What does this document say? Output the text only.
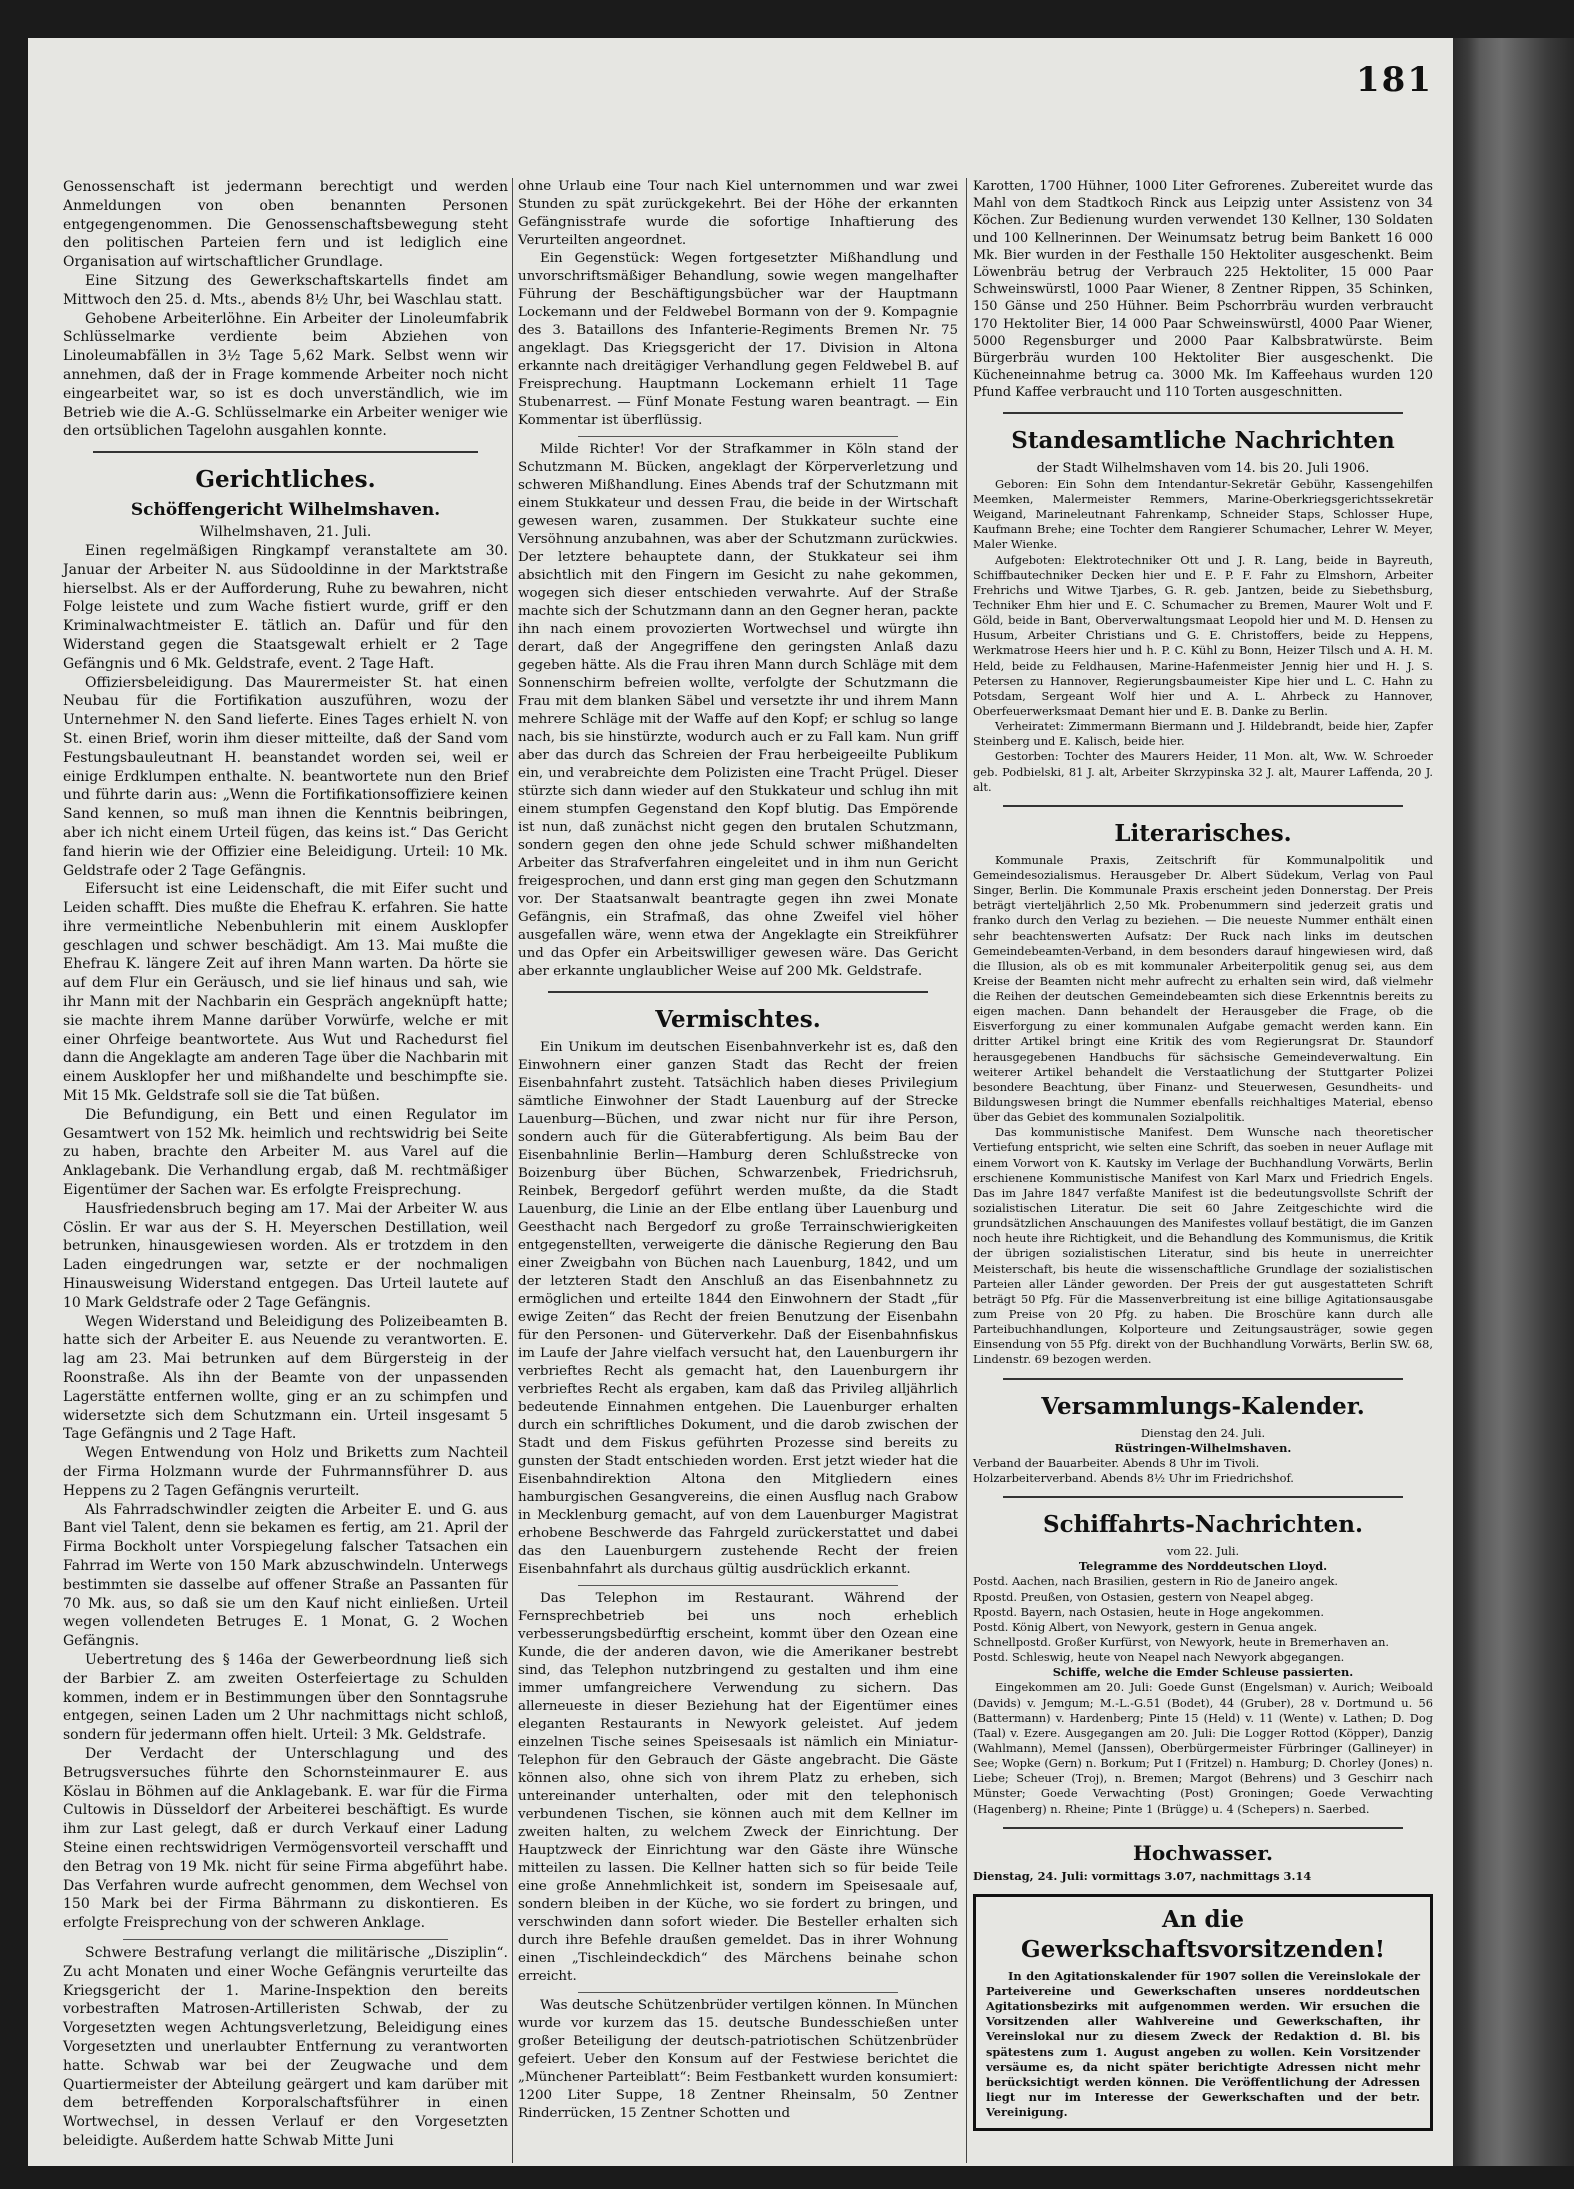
181

Genossenschaft ist jedermann berechtigt und werden Anmeldungen von oben benannten Personen entgegengenommen. Die Genossenschaftsbewegung steht den politischen Parteien fern und ist lediglich eine Organisation auf wirtschaftlicher Grundlage.

Eine Sitzung des Gewerkschaftskartells findet am Mittwoch den 25. d. Mts., abends 8½ Uhr, bei Waschlau statt.

Gehobene Arbeiterlöhne. Ein Arbeiter der Linoleumfabrik Schlüsselmarke verdiente beim Abziehen von Linoleumabfällen in 3½ Tage 5,62 Mark. Selbst wenn wir annehmen, daß der in Frage kommende Arbeiter noch nicht eingearbeitet war, so ist es doch unverständlich, wie im Betrieb wie die A.-G. Schlüsselmarke ein Arbeiter weniger wie den ortsüblichen Tagelohn ausgahlen konnte.

Gerichtliches.
Schöffengericht Wilhelmshaven.
Wilhelmshaven, 21. Juli.

Einen regelmäßigen Ringkampf veranstaltete am 30. Januar der Arbeiter N. aus Südooldinne in der Marktstraße hierselbst. Als er der Aufforderung, Ruhe zu bewahren, nicht Folge leistete und zum Wache fistiert wurde, griff er den Kriminalwachtmeister E. tätlich an. Dafür und für den Widerstand gegen die Staatsgewalt erhielt er 2 Tage Gefängnis und 6 Mk. Geldstrafe, event. 2 Tage Haft.

Offiziersbeleidigung. Das Maurermeister St. hat einen Neubau für die Fortifikation auszuführen, wozu der Unternehmer N. den Sand lieferte. Eines Tages erhielt N. von St. einen Brief, worin ihm dieser mitteilte, daß der Sand vom Festungsbauleutnant H. beanstandet worden sei, weil er einige Erdklumpen enthalte. N. beantwortete nun den Brief und führte darin aus: „Wenn die Fortifikationsoffiziere keinen Sand kennen, so muß man ihnen die Kenntnis beibringen, aber ich nicht einem Urteil fügen, das keins ist.“ Das Gericht fand hierin wie der Offizier eine Beleidigung. Urteil: 10 Mk. Geldstrafe oder 2 Tage Gefängnis.

Eifersucht ist eine Leidenschaft, die mit Eifer sucht und Leiden schafft. Dies mußte die Ehefrau K. erfahren. Sie hatte ihre vermeintliche Nebenbuhlerin mit einem Ausklopfer geschlagen und schwer beschädigt. Am 13. Mai mußte die Ehefrau K. längere Zeit auf ihren Mann warten. Da hörte sie auf dem Flur ein Geräusch, und sie lief hinaus und sah, wie ihr Mann mit der Nachbarin ein Gespräch angeknüpft hatte; sie machte ihrem Manne darüber Vorwürfe, welche er mit einer Ohrfeige beantwortete. Aus Wut und Rachedurst fiel dann die Angeklagte am anderen Tage über die Nachbarin mit einem Ausklopfer her und mißhandelte und beschimpfte sie. Mit 15 Mk. Geldstrafe soll sie die Tat büßen.

Die Befundigung, ein Bett und einen Regulator im Gesamtwert von 152 Mk. heimlich und rechtswidrig bei Seite zu haben, brachte den Arbeiter M. aus Varel auf die Anklagebank. Die Verhandlung ergab, daß M. rechtmäßiger Eigentümer der Sachen war. Es erfolgte Freisprechung.

Hausfriedensbruch beging am 17. Mai der Arbeiter W. aus Cöslin. Er war aus der S. H. Meyerschen Destillation, weil betrunken, hinausgewiesen worden. Als er trotzdem in den Laden eingedrungen war, setzte er der nochmaligen Hinausweisung Widerstand entgegen. Das Urteil lautete auf 10 Mark Geldstrafe oder 2 Tage Gefängnis.

Wegen Widerstand und Beleidigung des Polizeibeamten B. hatte sich der Arbeiter E. aus Neuende zu verantworten. E. lag am 23. Mai betrunken auf dem Bürgersteig in der Roonstraße. Als ihn der Beamte von der unpassenden Lagerstätte entfernen wollte, ging er an zu schimpfen und widersetzte sich dem Schutzmann ein. Urteil insgesamt 5 Tage Gefängnis und 2 Tage Haft.

Wegen Entwendung von Holz und Briketts zum Nachteil der Firma Holzmann wurde der Fuhrmannsführer D. aus Heppens zu 2 Tagen Gefängnis verurteilt.

Als Fahrradschwindler zeigten die Arbeiter E. und G. aus Bant viel Talent, denn sie bekamen es fertig, am 21. April der Firma Bockholt unter Vorspiegelung falscher Tatsachen ein Fahrrad im Werte von 150 Mark abzuschwindeln. Unterwegs bestimmten sie dasselbe auf offener Straße an Passanten für 70 Mk. aus, so daß sie um den Kauf nicht einließen. Urteil wegen vollendeten Betruges E. 1 Monat, G. 2 Wochen Gefängnis.

Uebertretung des § 146a der Gewerbeordnung ließ sich der Barbier Z. am zweiten Osterfeiertage zu Schulden kommen, indem er in Bestimmungen über den Sonntagsruhe entgegen, seinen Laden um 2 Uhr nachmittags nicht schloß, sondern für jedermann offen hielt. Urteil: 3 Mk. Geldstrafe.

Der Verdacht der Unterschlagung und des Betrugsversuches führte den Schornsteinmaurer E. aus Köslau in Böhmen auf die Anklagebank. E. war für die Firma Cultowis in Düsseldorf der Arbeiterei beschäftigt. Es wurde ihm zur Last gelegt, daß er durch Verkauf einer Ladung Steine einen rechtswidrigen Vermögensvorteil verschafft und den Betrag von 19 Mk. nicht für seine Firma abgeführt habe. Das Verfahren wurde aufrecht genommen, dem Wechsel von 150 Mark bei der Firma Bährmann zu diskontieren. Es erfolgte Freisprechung von der schweren Anklage.

Schwere Bestrafung verlangt die militärische „Disziplin“. Zu acht Monaten und einer Woche Gefängnis verurteilte das Kriegsgericht der 1. Marine-Inspektion den bereits vorbestraften Matrosen-Artilleristen Schwab, der zu Vorgesetzten wegen Achtungsverletzung, Beleidigung eines Vorgesetzten und unerlaubter Entfernung zu verantworten hatte. Schwab war bei der Zeugwache und dem Quartiermeister der Abteilung geärgert und kam darüber mit dem betreffenden Korporalschaftsführer in einen Wortwechsel, in dessen Verlauf er den Vorgesetzten beleidigte. Außerdem hatte Schwab Mitte Juni

ohne Urlaub eine Tour nach Kiel unternommen und war zwei Stunden zu spät zurückgekehrt. Bei der Höhe der erkannten Gefängnisstrafe wurde die sofortige Inhaftierung des Verurteilten angeordnet.

Ein Gegenstück: Wegen fortgesetzter Mißhandlung und unvorschriftsmäßiger Behandlung, sowie wegen mangelhafter Führung der Beschäftigungsbücher war der Hauptmann Lockemann und der Feldwebel Bormann von der 9. Kompagnie des 3. Bataillons des Infanterie-Regiments Bremen Nr. 75 angeklagt. Das Kriegsgericht der 17. Division in Altona erkannte nach dreitägiger Verhandlung gegen Feldwebel B. auf Freisprechung. Hauptmann Lockemann erhielt 11 Tage Stubenarrest. — Fünf Monate Festung waren beantragt. — Ein Kommentar ist überflüssig.

Milde Richter! Vor der Strafkammer in Köln stand der Schutzmann M. Bücken, angeklagt der Körperverletzung und schweren Mißhandlung. Eines Abends traf der Schutzmann mit einem Stukkateur und dessen Frau, die beide in der Wirtschaft gewesen waren, zusammen. Der Stukkateur suchte eine Versöhnung anzubahnen, was aber der Schutzmann zurückwies. Der letztere behauptete dann, der Stukkateur sei ihm absichtlich mit den Fingern im Gesicht zu nahe gekommen, wogegen sich dieser entschieden verwahrte. Auf der Straße machte sich der Schutzmann dann an den Gegner heran, packte ihn nach einem provozierten Wortwechsel und würgte ihn derart, daß der Angegriffene den geringsten Anlaß dazu gegeben hätte. Als die Frau ihren Mann durch Schläge mit dem Sonnenschirm befreien wollte, verfolgte der Schutzmann die Frau mit dem blanken Säbel und versetzte ihr und ihrem Mann mehrere Schläge mit der Waffe auf den Kopf; er schlug so lange nach, bis sie hinstürzte, wodurch auch er zu Fall kam. Nun griff aber das durch das Schreien der Frau herbeigeeilte Publikum ein, und verabreichte dem Polizisten eine Tracht Prügel. Dieser stürzte sich dann wieder auf den Stukkateur und schlug ihn mit einem stumpfen Gegenstand den Kopf blutig. Das Empörende ist nun, daß zunächst nicht gegen den brutalen Schutzmann, sondern gegen den ohne jede Schuld schwer mißhandelten Arbeiter das Strafverfahren eingeleitet und in ihm nun Gericht freigesprochen, und dann erst ging man gegen den Schutzmann vor. Der Staatsanwalt beantragte gegen ihn zwei Monate Gefängnis, ein Strafmaß, das ohne Zweifel viel höher ausgefallen wäre, wenn etwa der Angeklagte ein Streikführer und das Opfer ein Arbeitswilliger gewesen wäre. Das Gericht aber erkannte unglaublicher Weise auf 200 Mk. Geldstrafe.

Vermischtes.

Ein Unikum im deutschen Eisenbahnverkehr ist es, daß den Einwohnern einer ganzen Stadt das Recht der freien Eisenbahnfahrt zusteht. Tatsächlich haben dieses Privilegium sämtliche Einwohner der Stadt Lauenburg auf der Strecke Lauenburg—Büchen, und zwar nicht nur für ihre Person, sondern auch für die Güterabfertigung. Als beim Bau der Eisenbahnlinie Berlin—Hamburg deren Schlußstrecke von Boizenburg über Büchen, Schwarzenbek, Friedrichsruh, Reinbek, Bergedorf geführt werden mußte, da die Stadt Lauenburg, die Linie an der Elbe entlang über Lauenburg und Geesthacht nach Bergedorf zu große Terrainschwierigkeiten entgegenstellten, verweigerte die dänische Regierung den Bau einer Zweigbahn von Büchen nach Lauenburg, 1842, und um der letzteren Stadt den Anschluß an das Eisenbahnnetz zu ermöglichen und erteilte 1844 den Einwohnern der Stadt „für ewige Zeiten“ das Recht der freien Benutzung der Eisenbahn für den Personen- und Güterverkehr. Daß der Eisenbahnfiskus im Laufe der Jahre vielfach versucht hat, den Lauenburgern ihr verbrieftes Recht als gemacht hat, den Lauenburgern ihr verbrieftes Recht als ergaben, kam daß das Privileg alljährlich bedeutende Einnahmen entgehen. Die Lauenburger erhalten durch ein schriftliches Dokument, und die darob zwischen der Stadt und dem Fiskus geführten Prozesse sind bereits zu gunsten der Stadt entschieden worden. Erst jetzt wieder hat die Eisenbahndirektion Altona den Mitgliedern eines hamburgischen Gesangvereins, die einen Ausflug nach Grabow in Mecklenburg gemacht, auf von dem Lauenburger Magistrat erhobene Beschwerde das Fahrgeld zurückerstattet und dabei das den Lauenburgern zustehende Recht der freien Eisenbahnfahrt als durchaus gültig ausdrücklich erkannt.

Das Telephon im Restaurant. Während der Fernsprechbetrieb bei uns noch erheblich verbesserungsbedürftig erscheint, kommt über den Ozean eine Kunde, die der anderen davon, wie die Amerikaner bestrebt sind, das Telephon nutzbringend zu gestalten und ihm eine immer umfangreichere Verwendung zu sichern. Das allerneueste in dieser Beziehung hat der Eigentümer eines eleganten Restaurants in Newyork geleistet. Auf jedem einzelnen Tische seines Speisesaals ist nämlich ein Miniatur-Telephon für den Gebrauch der Gäste angebracht. Die Gäste können also, ohne sich von ihrem Platz zu erheben, sich untereinander unterhalten, oder mit den telephonisch verbundenen Tischen, sie können auch mit dem Kellner im zweiten halten, zu welchem Zweck der Einrichtung. Der Hauptzweck der Einrichtung war den Gäste ihre Wünsche mitteilen zu lassen. Die Kellner hatten sich so für beide Teile eine große Annehmlichkeit ist, sondern im Speisesaale auf, sondern bleiben in der Küche, wo sie fordert zu bringen, und verschwinden dann sofort wieder. Die Besteller erhalten sich durch ihre Befehle draußen gemeldet. Das in ihrer Wohnung einen „Tischleindeckdich“ des Märchens beinahe schon erreicht.

Was deutsche Schützenbrüder vertilgen können. In München wurde vor kurzem das 15. deutsche Bundesschießen unter großer Beteiligung der deutsch-patriotischen Schützenbrüder gefeiert. Ueber den Konsum auf der Festwiese berichtet die „Münchener Parteiblatt“: Beim Festbankett wurden konsumiert: 1200 Liter Suppe, 18 Zentner Rheinsalm, 50 Zentner Rinderrücken, 15 Zentner Schotten und

Karotten, 1700 Hühner, 1000 Liter Gefrorenes. Zubereitet wurde das Mahl von dem Stadtkoch Rinck aus Leipzig unter Assistenz von 34 Köchen. Zur Bedienung wurden verwendet 130 Kellner, 130 Soldaten und 100 Kellnerinnen. Der Weinumsatz betrug beim Bankett 16 000 Mk. Bier wurden in der Festhalle 150 Hektoliter ausgeschenkt. Beim Löwenbräu betrug der Verbrauch 225 Hektoliter, 15 000 Paar Schweinswürstl, 1000 Paar Wiener, 8 Zentner Rippen, 35 Schinken, 150 Gänse und 250 Hühner. Beim Pschorrbräu wurden verbraucht 170 Hektoliter Bier, 14 000 Paar Schweinswürstl, 4000 Paar Wiener, 5000 Regensburger und 2000 Paar Kalbsbratwürste. Beim Bürgerbräu wurden 100 Hektoliter Bier ausgeschenkt. Die Kücheneinnahme betrug ca. 3000 Mk. Im Kaffeehaus wurden 120 Pfund Kaffee verbraucht und 110 Torten ausgeschnitten.

Standesamtliche Nachrichten
der Stadt Wilhelmshaven vom 14. bis 20. Juli 1906.

Geboren: Ein Sohn dem Intendantur-Sekretär Gebühr, Kassengehilfen Meemken, Malermeister Remmers, Marine-Oberkriegsgerichtssekretär Weigand, Marineleutnant Fahrenkamp, Schneider Staps, Schlosser Hupe, Kaufmann Brehe; eine Tochter dem Rangierer Schumacher, Lehrer W. Meyer, Maler Wienke.

Aufgeboten: Elektrotechniker Ott und J. R. Lang, beide in Bayreuth, Schiffbautechniker Decken hier und E. P. F. Fahr zu Elmshorn, Arbeiter Frehrichs und Witwe Tjarbes, G. R. geb. Jantzen, beide zu Siebethsburg, Techniker Ehm hier und E. C. Schumacher zu Bremen, Maurer Wolt und F. Göld, beide in Bant, Oberverwaltungsmaat Leopold hier und M. D. Hensen zu Husum, Arbeiter Christians und G. E. Christoffers, beide zu Heppens, Werkmatrose Heers hier und h. P. C. Kühl zu Bonn, Heizer Tilsch und A. H. M. Held, beide zu Feldhausen, Marine-Hafenmeister Jennig hier und H. J. S. Petersen zu Hannover, Regierungsbaumeister Kipe hier und L. C. Hahn zu Potsdam, Sergeant Wolf hier und A. L. Ahrbeck zu Hannover, Oberfeuerwerksmaat Demant hier und E. B. Danke zu Berlin.

Verheiratet: Zimmermann Biermann und J. Hildebrandt, beide hier, Zapfer Steinberg und E. Kalisch, beide hier.

Gestorben: Tochter des Maurers Heider, 11 Mon. alt, Ww. W. Schroeder geb. Podbielski, 81 J. alt, Arbeiter Skrzypinska 32 J. alt, Maurer Laffenda, 20 J. alt.

Literarisches.

Kommunale Praxis, Zeitschrift für Kommunalpolitik und Gemeindesozialismus. Herausgeber Dr. Albert Südekum, Verlag von Paul Singer, Berlin. Die Kommunale Praxis erscheint jeden Donnerstag. Der Preis beträgt vierteljährlich 2,50 Mk. Probenummern sind jederzeit gratis und franko durch den Verlag zu beziehen. — Die neueste Nummer enthält einen sehr beachtenswerten Aufsatz: Der Ruck nach links im deutschen Gemeindebeamten-Verband, in dem besonders darauf hingewiesen wird, daß die Illusion, als ob es mit kommunaler Arbeiterpolitik genug sei, aus dem Kreise der Beamten nicht mehr aufrecht zu erhalten sein wird, daß vielmehr die Reihen der deutschen Gemeindebeamten sich diese Erkenntnis bereits zu eigen machen. Dann behandelt der Herausgeber die Frage, ob die Eisverforgung zu einer kommunalen Aufgabe gemacht werden kann. Ein dritter Artikel bringt eine Kritik des vom Regierungsrat Dr. Staundorf herausgegebenen Handbuchs für sächsische Gemeindeverwaltung. Ein weiterer Artikel behandelt die Verstaatlichung der Stuttgarter Polizei besondere Beachtung, über Finanz- und Steuerwesen, Gesundheits- und Bildungswesen bringt die Nummer ebenfalls reichhaltiges Material, ebenso über das Gebiet des kommunalen Sozialpolitik.

Das kommunistische Manifest. Dem Wunsche nach theoretischer Vertiefung entspricht, wie selten eine Schrift, das soeben in neuer Auflage mit einem Vorwort von K. Kautsky im Verlage der Buchhandlung Vorwärts, Berlin erschienene Kommunistische Manifest von Karl Marx und Friedrich Engels. Das im Jahre 1847 verfaßte Manifest ist die bedeutungsvollste Schrift der sozialistischen Literatur. Die seit 60 Jahre Zeitgeschichte wird die grundsätzlichen Anschauungen des Manifestes vollauf bestätigt, die im Ganzen noch heute ihre Richtigkeit, und die Behandlung des Kommunismus, die Kritik der übrigen sozialistischen Literatur, sind bis heute in unerreichter Meisterschaft, bis heute die wissenschaftliche Grundlage der sozialistischen Parteien aller Länder geworden. Der Preis der gut ausgestatteten Schrift beträgt 50 Pfg. Für die Massenverbreitung ist eine billige Agitationsausgabe zum Preise von 20 Pfg. zu haben. Die Broschüre kann durch alle Parteibuchhandlungen, Kolporteure und Zeitungsausträger, sowie gegen Einsendung von 55 Pfg. direkt von der Buchhandlung Vorwärts, Berlin SW. 68, Lindenstr. 69 bezogen werden.

Versammlungs-Kalender.
Dienstag den 24. Juli.
Rüstringen-Wilhelmshaven.
Verband der Bauarbeiter. Abends 8 Uhr im Tivoli.
Holzarbeiterverband. Abends 8½ Uhr im Friedrichshof.
Schiffahrts-Nachrichten.
vom 22. Juli.
Telegramme des Norddeutschen Lloyd.
Postd. Aachen, nach Brasilien, gestern in Rio de Janeiro angek.
Rpostd. Preußen, von Ostasien, gestern von Neapel abgeg.
Rpostd. Bayern, nach Ostasien, heute in Hoge angekommen.
Postd. König Albert, von Newyork, gestern in Genua angek.
Schnellpostd. Großer Kurfürst, von Newyork, heute in Bremerhaven an.
Postd. Schleswig, heute von Neapel nach Newyork abgegangen.
Schiffe, welche die Emder Schleuse passierten.

Eingekommen am 20. Juli: Goede Gunst (Engelsman) v. Aurich; Weiboald (Davids) v. Jemgum; M.-L.-G.51 (Bodet), 44 (Gruber), 28 v. Dortmund u. 56 (Battermann) v. Hardenberg; Pinte 15 (Held) v. 11 (Wente) v. Lathen; D. Dog (Taal) v. Ezere. Ausgegangen am 20. Juli: Die Logger Rottod (Köpper), Danzig (Wahlmann), Memel (Janssen), Oberbürgermeister Fürbringer (Gallineyer) in See; Wopke (Gern) n. Borkum; Put I (Fritzel) n. Hamburg; D. Chorley (Jones) n. Liebe; Scheuer (Troj), n. Bremen; Margot (Behrens) und 3 Geschirr nach Münster; Goede Verwachting (Post) Groningen; Goede Verwachting (Hagenberg) n. Rheine; Pinte 1 (Brügge) u. 4 (Schepers) n. Saerbed.

Hochwasser.
Dienstag, 24. Juli: vormittags 3.07, nachmittags 3.14
An die Gewerkschaftsvorsitzenden!

In den Agitationskalender für 1907 sollen die Vereinslokale der Parteivereine und Gewerkschaften unseres norddeutschen Agitationsbezirks mit aufgenommen werden. Wir ersuchen die Vorsitzenden aller Wahlvereine und Gewerkschaften, ihr Vereinslokal nur zu diesem Zweck der Redaktion d. Bl. bis spätestens zum 1. August angeben zu wollen. Kein Vorsitzender versäume es, da nicht später berichtigte Adressen nicht mehr berücksichtigt werden können. Die Veröffentlichung der Adressen liegt nur im Interesse der Gewerkschaften und der betr. Vereinigung.
